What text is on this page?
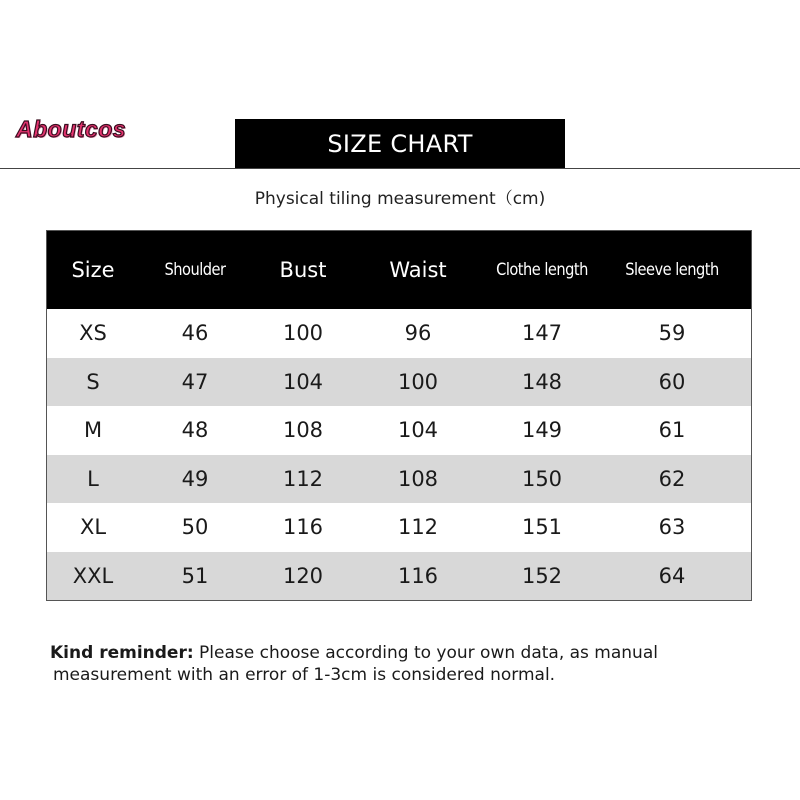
Aboutcos
SIZE CHART
Physical tiling measurement（cm)
Size	Shoulder	Bust	Waist	Clothe length	Sleeve length
XS	46	100	96	147	59
S	47	104	100	148	60
M	48	108	104	149	61
L	49	112	108	150	62
XL	50	116	112	151	63
XXL	51	120	116	152	64
Kind reminder: Please choose according to your own data, as manual
measurement with an error of 1-3cm is considered normal.
